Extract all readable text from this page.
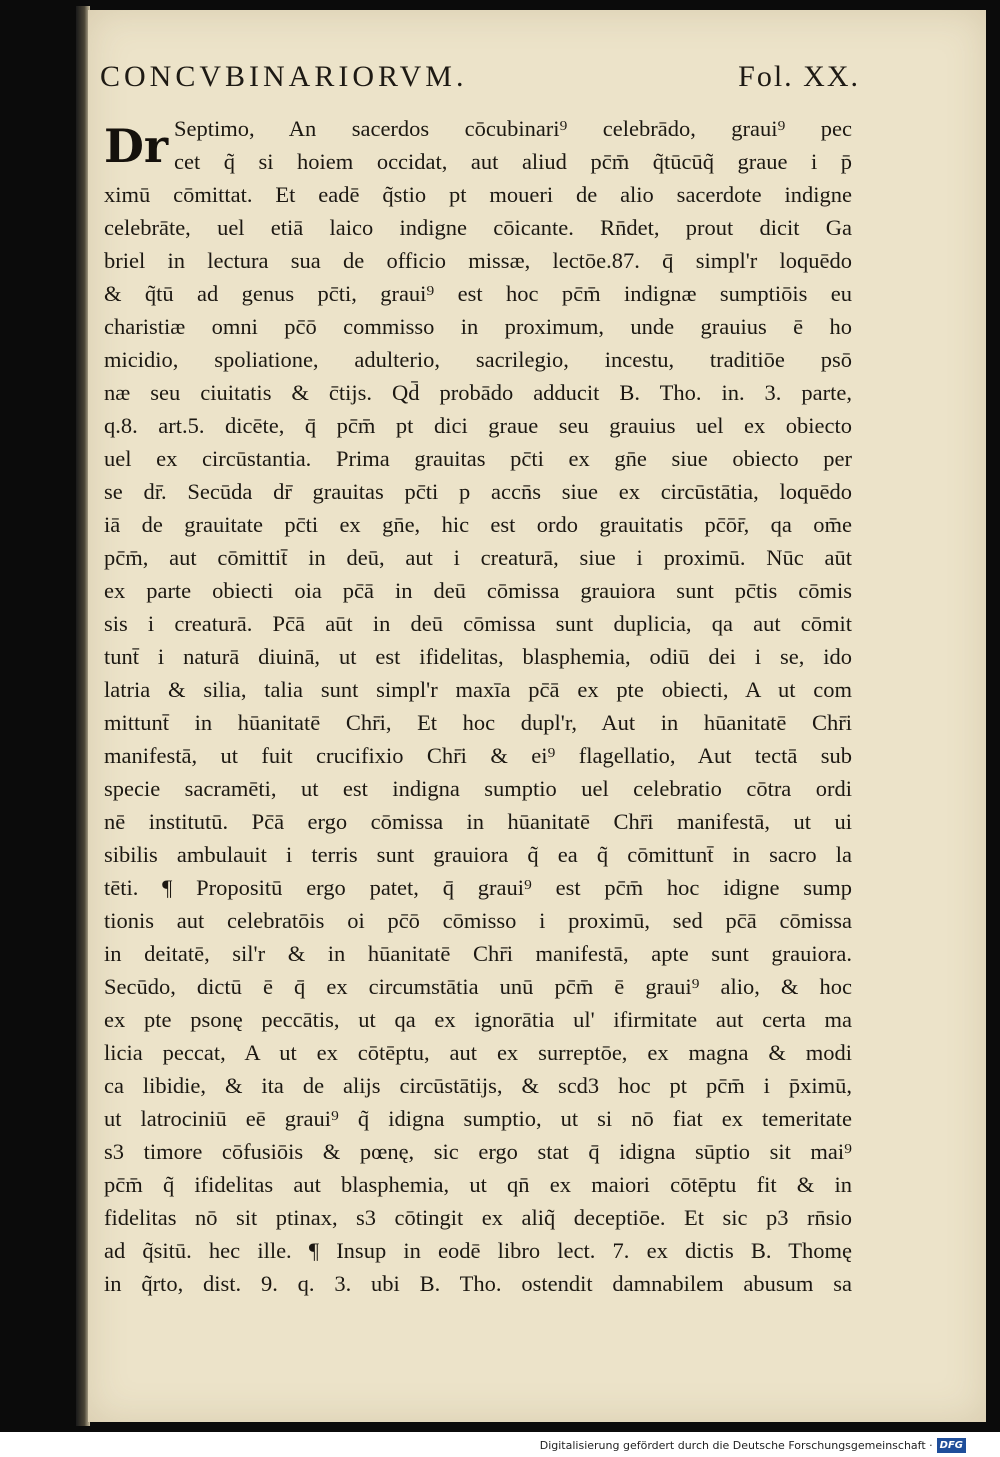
CONCVBINARIORVM.	Fol. XX.
Dr Septimo, An sacerdos cōcubinari⁹ celebrādo, graui⁹ pec
cet q̃ si hoiem occidat, aut aliud pc̄m̄ q̃tūcūq̃ graue i p̄
ximū cōmittat. Et eadē q̃stio pt moueri de alio sacerdote indigne
celebrāte, uel etiā laico indigne cōicante. Rn̄det, prout dicit Ga
briel in lectura sua de officio missæ, lectōe.87. q̄ simpl'r loquēdo
& q̃tū ad genus pc̄ti, graui⁹ est hoc pc̄m̄ indignæ sumptiōis eu
charistiæ omni pc̄ō commisso in proximum, unde grauius ē ho
micidio, spoliatione, adulterio, sacrilegio, incestu, traditiōe psō
næ seu ciuitatis & c̄tijs. Qd̄ probādo adducit B. Tho. in. 3. parte,
q.8. art.5. dicēte, q̄ pc̄m̄ pt dici graue seu grauius uel ex obiecto
uel ex circūstantia. Prima grauitas pc̄ti ex gn̄e siue obiecto per
se dr̄. Secūda dr̄ grauitas pc̄ti p accn̄s siue ex circūstātia, loquēdo
iā de grauitate pc̄ti ex gn̄e, hic est ordo grauitatis pc̄ōr̄, qa om̄e
pc̄m̄, aut cōmittit̄ in deū, aut i creaturā, siue i proximū. Nūc aūt
ex parte obiecti oia pc̄ā in deū cōmissa grauiora sunt pc̄tis cōmis
sis i creaturā. Pc̄ā aūt in deū cōmissa sunt duplicia, qa aut cōmit
tunt̄ i naturā diuinā, ut est ifidelitas, blasphemia, odiū dei i se, ido
latria & silia, talia sunt simpl'r maxīa pc̄ā ex pte obiecti, A ut com
mittunt̄ in hūanitatē Chr̄i, Et hoc dupl'r, Aut in hūanitatē Chr̄i
manifestā, ut fuit crucifixio Chr̄i & ei⁹ flagellatio, Aut tectā sub
specie sacramēti, ut est indigna sumptio uel celebratio cōtra ordi
nē institutū. Pc̄ā ergo cōmissa in hūanitatē Chr̄i manifestā, ut ui
sibilis ambulauit i terris sunt grauiora q̃ ea q̃ cōmittunt̄ in sacro la
tēti. ¶ Propositū ergo patet, q̄ graui⁹ est pc̄m̄ hoc idigne sump
tionis aut celebratōis oi pc̄ō cōmisso i proximū, sed pc̄ā cōmissa
in deitatē, sil'r & in hūanitatē Chr̄i manifestā, apte sunt grauiora.
Secūdo, dictū ē q̄ ex circumstātia unū pc̄m̄ ē graui⁹ alio, & hoc
ex pte psonę peccātis, ut qa ex ignorātia ul' ifirmitate aut certa ma
licia peccat, A ut ex cōtēptu, aut ex surreptōe, ex magna & modi
ca libidie, & ita de alijs circūstātijs, & scd3 hoc pt pc̄m̄ i p̄ximū,
ut latrociniū eē graui⁹ q̃ idigna sumptio, ut si nō fiat ex temeritate
s3 timore cōfusiōis & pœnę, sic ergo stat q̄ idigna sūptio sit mai⁹
pc̄m̄ q̃ ifidelitas aut blasphemia, ut qn̄ ex maiori cōtēptu fit & in
fidelitas nō sit ptinax, s3 cōtingit ex aliq̃ deceptiōe. Et sic p3 rn̄sio
ad q̃sitū. hec ille. ¶ Insup in eodē libro lect. 7. ex dictis B. Thomę
in q̃rto, dist. 9. q. 3. ubi B. Tho. ostendit damnabilem abusum sa
Digitalisierung gefördert durch die Deutsche Forschungsgemeinschaft · DFG
